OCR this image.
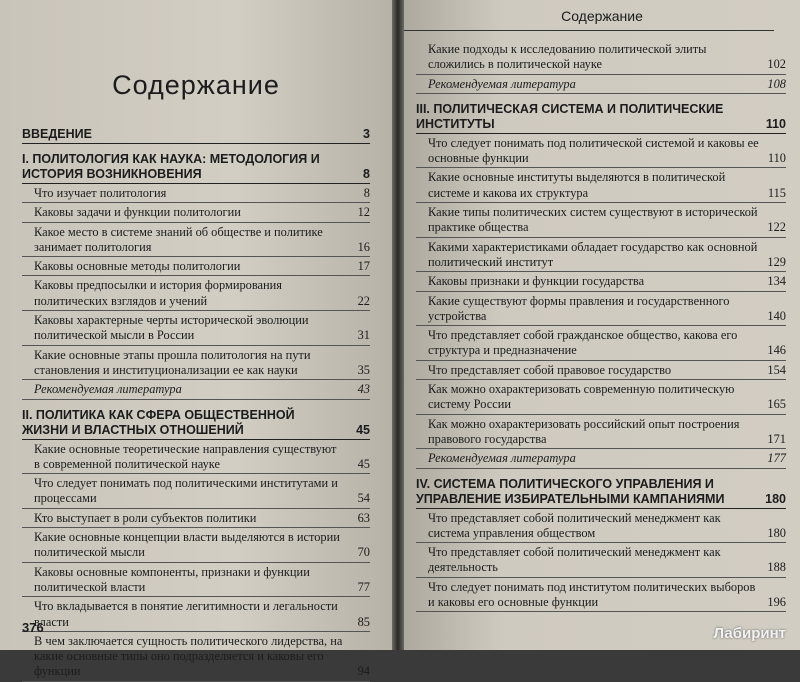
Содержание
ВВЕДЕНИЕ	3
I. ПОЛИТОЛОГИЯ КАК НАУКА: МЕТОДОЛОГИЯ И ИСТОРИЯ ВОЗНИКНОВЕНИЯ	8
Что изучает политология	8
Каковы задачи и функции политологии	12
Какое место в системе знаний об обществе и политике занимает политология	16
Каковы основные методы политологии	17
Каковы предпосылки и история формирования политических взглядов и учений	22
Каковы характерные черты исторической эволюции политической мысли в России	31
Какие основные этапы прошла политология на пути становления и институционализации ее как науки	35
Рекомендуемая литература	43
II. ПОЛИТИКА КАК СФЕРА ОБЩЕСТВЕННОЙ ЖИЗНИ И ВЛАСТНЫХ ОТНОШЕНИЙ	45
Какие основные теоретические направления существуют в современной политической науке	45
Что следует понимать под политическими институтами и процессами	54
Кто выступает в роли субъектов политики	63
Какие основные концепции власти выделяются в истории политической мысли	70
Каковы основные компоненты, признаки и функции политической власти	77
Что вкладывается в понятие легитимности и легальности власти	85
В чем заключается сущность политического лидерства, на какие основные типы оно подразделяется и каковы его функции	94
376
Содержание
Какие подходы к исследованию политической элиты сложились в политической науке	102
Рекомендуемая литература	108
III. ПОЛИТИЧЕСКАЯ СИСТЕМА И ПОЛИТИЧЕСКИЕ ИНСТИТУТЫ	110
Что следует понимать под политической системой и каковы ее основные функции	110
Какие основные институты выделяются в политической системе и какова их структура	115
Какие типы политических систем существуют в исторической практике общества	122
Какими характеристиками обладает государство как основной политический институт	129
Каковы признаки и функции государства	134
Какие существуют формы правления и государственного устройства	140
Что представляет собой гражданское общество, какова его структура и предназначение	146
Что представляет собой правовое государство	154
Как можно охарактеризовать современную политическую систему России	165
Как можно охарактеризовать российский опыт построения правового государства	171
Рекомендуемая литература	177
IV. СИСТЕМА ПОЛИТИЧЕСКОГО УПРАВЛЕНИЯ И УПРАВЛЕНИЕ ИЗБИРАТЕЛЬНЫМИ КАМПАНИЯМИ	180
Что представляет собой политический менеджмент как система управления обществом	180
Что представляет собой политический менеджмент как деятельность	188
Что следует понимать под институтом политических выборов и каковы его основные функции	196
Лабиринт
